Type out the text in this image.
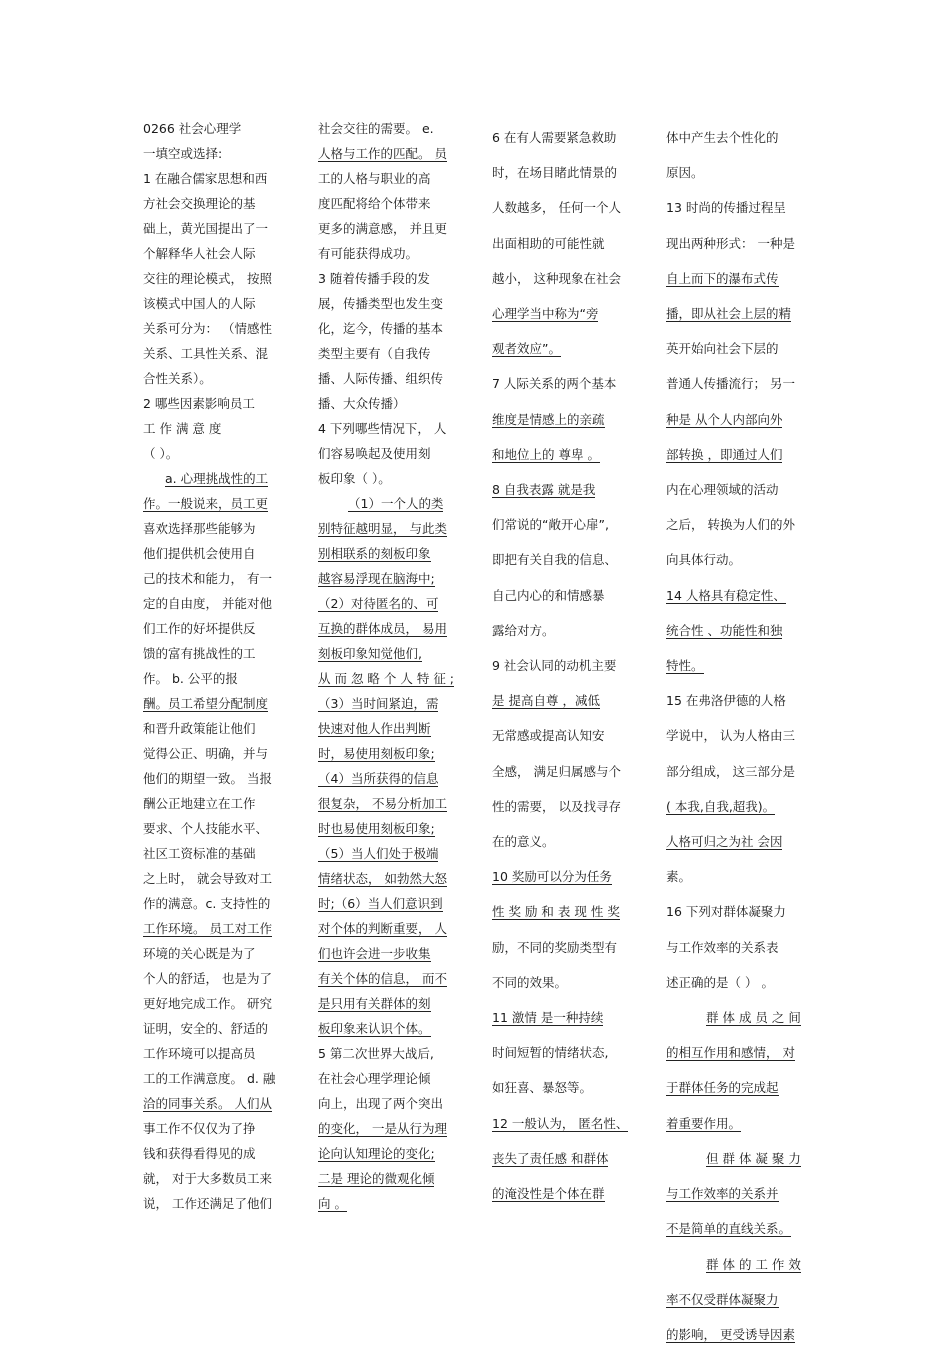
0266 社会心理学
一填空或选择:
1 在融合儒家思想和西
方社会交换理论的基
础上，黄光国提出了一
个解释华人社会人际
交往的理论模式， 按照
该模式中国人的人际
关系可分为： （情感性
关系、工具性关系、混
合性关系）。
2 哪些因素影响员工
工 作 满 意 度
（ ）。
a. 心理挑战性的工
作。一般说来，员工更
喜欢选择那些能够为
他们提供机会使用自
己的技术和能力， 有一
定的自由度， 并能对他
们工作的好坏提供反
馈的富有挑战性的工
作。 b. 公平的报
酬。员工希望分配制度
和晋升政策能让他们
觉得公正、明确，并与
他们的期望一致。 当报
酬公正地建立在工作
要求、个人技能水平、
社区工资标准的基础
之上时， 就会导致对工
作的满意。c. 支持性的
工作环境。 员工对工作
环境的关心既是为了
个人的舒适， 也是为了
更好地完成工作。 研究
证明，安全的、舒适的
工作环境可以提高员
工的工作满意度。 d. 融
洽的同事关系。 人们从
事工作不仅仅为了挣
钱和获得看得见的成
就， 对于大多数员工来
说， 工作还满足了他们
社会交往的需要。 e.
人格与工作的匹配。 员
工的人格与职业的高
度匹配将给个体带来
更多的满意感， 并且更
有可能获得成功。
3 随着传播手段的发
展，传播类型也发生变
化，迄今，传播的基本
类型主要有（自我传
播、人际传播、组织传
播、大众传播）
4 下列哪些情况下， 人
们容易唤起及使用刻
板印象（ ）。
（1）一个人的类
别特征越明显， 与此类
别相联系的刻板印象
越容易浮现在脑海中;
（2）对待匿名的、可
互换的群体成员， 易用
刻板印象知觉他们,
从 而 忽 略 个 人 特 征 ;
（3）当时间紧迫，需
快速对他人作出判断
时，易使用刻板印象;
（4）当所获得的信息
很复杂， 不易分析加工
时也易使用刻板印象;
（5）当人们处于极端
情绪状态， 如勃然大怒
时;（6）当人们意识到
对个体的判断重要， 人
们也许会进一步收集
有关个体的信息， 而不
是只用有关群体的刻
板印象来认识个体。
5 第二次世界大战后,
在社会心理学理论倾
向上，出现了两个突出
的变化， 一是从行为理
论向认知理论的变化;
二是 理论的微观化倾
向 。
6 在有人需要紧急救助
时，在场目睹此情景的
人数越多， 任何一个人
出面相助的可能性就
越小， 这种现象在社会
心理学当中称为“旁
观者效应”。
7 人际关系的两个基本
维度是情感上的亲疏
和地位上的 尊卑 。
8 自我表露 就是我
们常说的“敞开心扉”,
即把有关自我的信息、
自己内心的和情感暴
露给对方。
9 社会认同的动机主要
是 提高自尊 ，减低
无常感或提高认知安
全感， 满足归属感与个
性的需要， 以及找寻存
在的意义。
10 奖励可以分为任务
性 奖 励 和 表 现 性 奖
励，不同的奖励类型有
不同的效果。
11 激情 是一种持续
时间短暂的情绪状态,
如狂喜、暴怒等。
12 一般认为， 匿名性、
丧失了责任感 和群体
的淹没性是个体在群
体中产生去个性化的
原因。
13 时尚的传播过程呈
现出两种形式： 一种是
自上而下的瀑布式传
播，即从社会上层的精
英开始向社会下层的
普通人传播流行； 另一
种是 从个人内部向外
部转换 ，即通过人们
内在心理领域的活动
之后， 转换为人们的外
向具体行动。
14 人格具有稳定性、
统合性 、功能性和独
特性。
15 在弗洛伊德的人格
学说中， 认为人格由三
部分组成， 这三部分是
( 本我,自我,超我)。
人格可归之为社 会因
素。
16 下列对群体凝聚力
与工作效率的关系表
述正确的是（ ） 。
群 体 成 员 之 间
的相互作用和感情， 对
于群体任务的完成起
着重要作用。
但 群 体 凝 聚 力
与工作效率的关系并
不是简单的直线关系。
群 体 的 工 作 效
率不仅受群体凝聚力
的影响， 更受诱导因素
